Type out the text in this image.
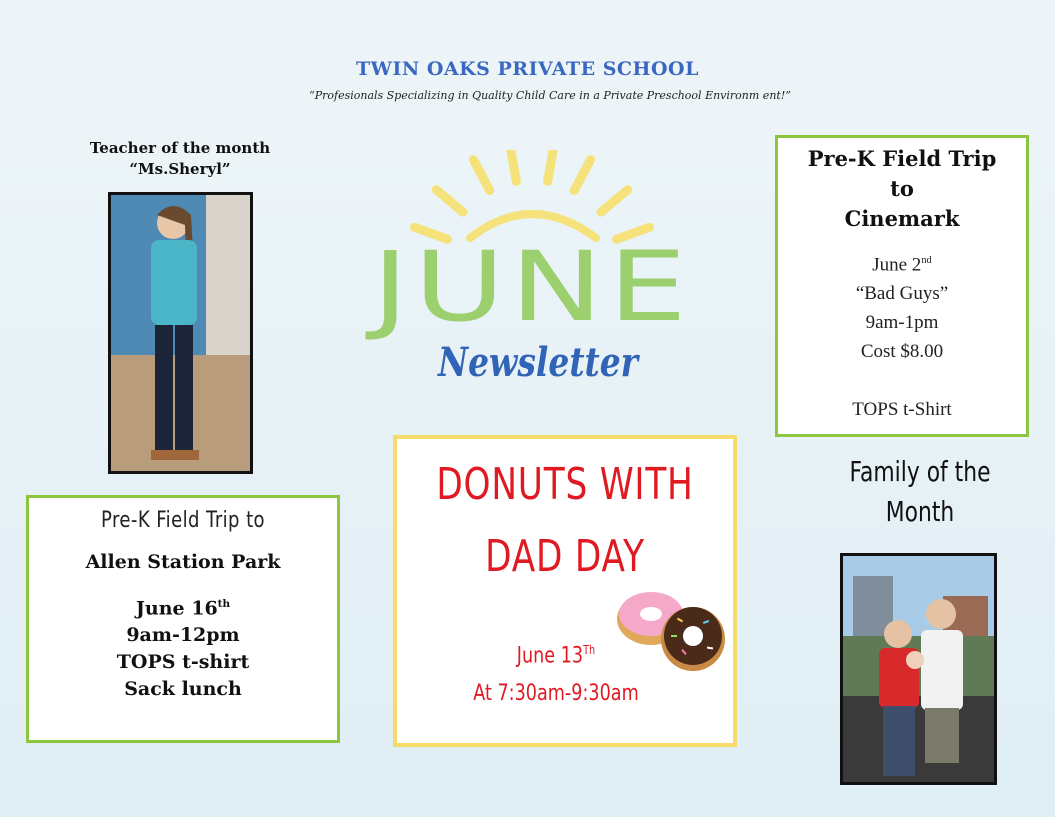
TWIN OAKS PRIVATE SCHOOL
“Profesionals Specializing in Quality Child Care in a Private Preschool Environm ent!”
Teacher of the month
“Ms.Sheryl”
JUNE
Newsletter
Pre-K Field Trip
to
Cinemark
June 2nd
“Bad Guys”
9am-1pm
Cost $8.00
TOPS t-Shirt
Pre-K Field Trip to
Allen Station Park
June 16th
9am-12pm
TOPS t-shirt
Sack lunch
DONUTS WITH
DAD DAY
June 13Th
At 7:30am-9:30am
Family of the
Month
